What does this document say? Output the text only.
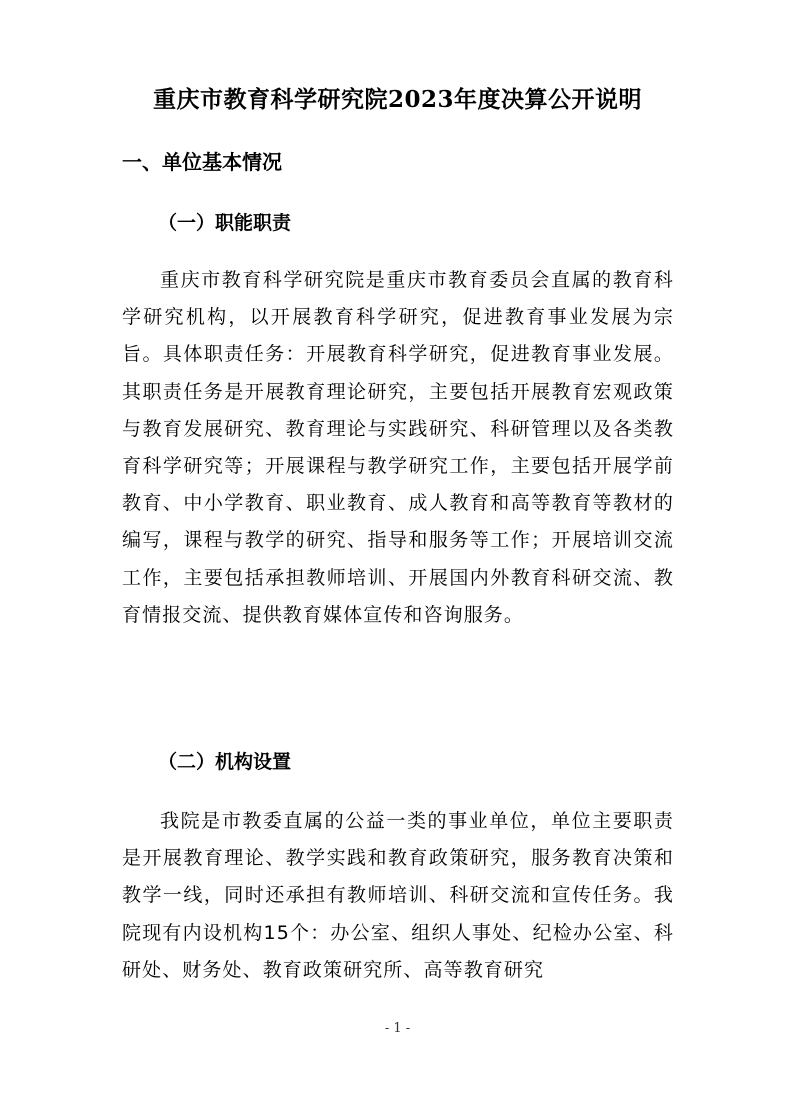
重庆市教育科学研究院2023年度决算公开说明
一、单位基本情况
（一）职能职责

重庆市教育科学研究院是重庆市教育委员会直属的教育科学研究机构，以开展教育科学研究，促进教育事业发展为宗旨。具体职责任务：开展教育科学研究，促进教育事业发展。其职责任务是开展教育理论研究，主要包括开展教育宏观政策与教育发展研究、教育理论与实践研究、科研管理以及各类教育科学研究等；开展课程与教学研究工作，主要包括开展学前教育、中小学教育、职业教育、成人教育和高等教育等教材的编写，课程与教学的研究、指导和服务等工作；开展培训交流工作，主要包括承担教师培训、开展国内外教育科研交流、教育情报交流、提供教育媒体宣传和咨询服务。

（二）机构设置

我院是市教委直属的公益一类的事业单位，单位主要职责是开展教育理论、教学实践和教育政策研究，服务教育决策和教学一线，同时还承担有教师培训、科研交流和宣传任务。我院现有内设机构15个：办公室、组织人事处、纪检办公室、科研处、财务处、教育政策研究所、高等教育研究

- 1 -
